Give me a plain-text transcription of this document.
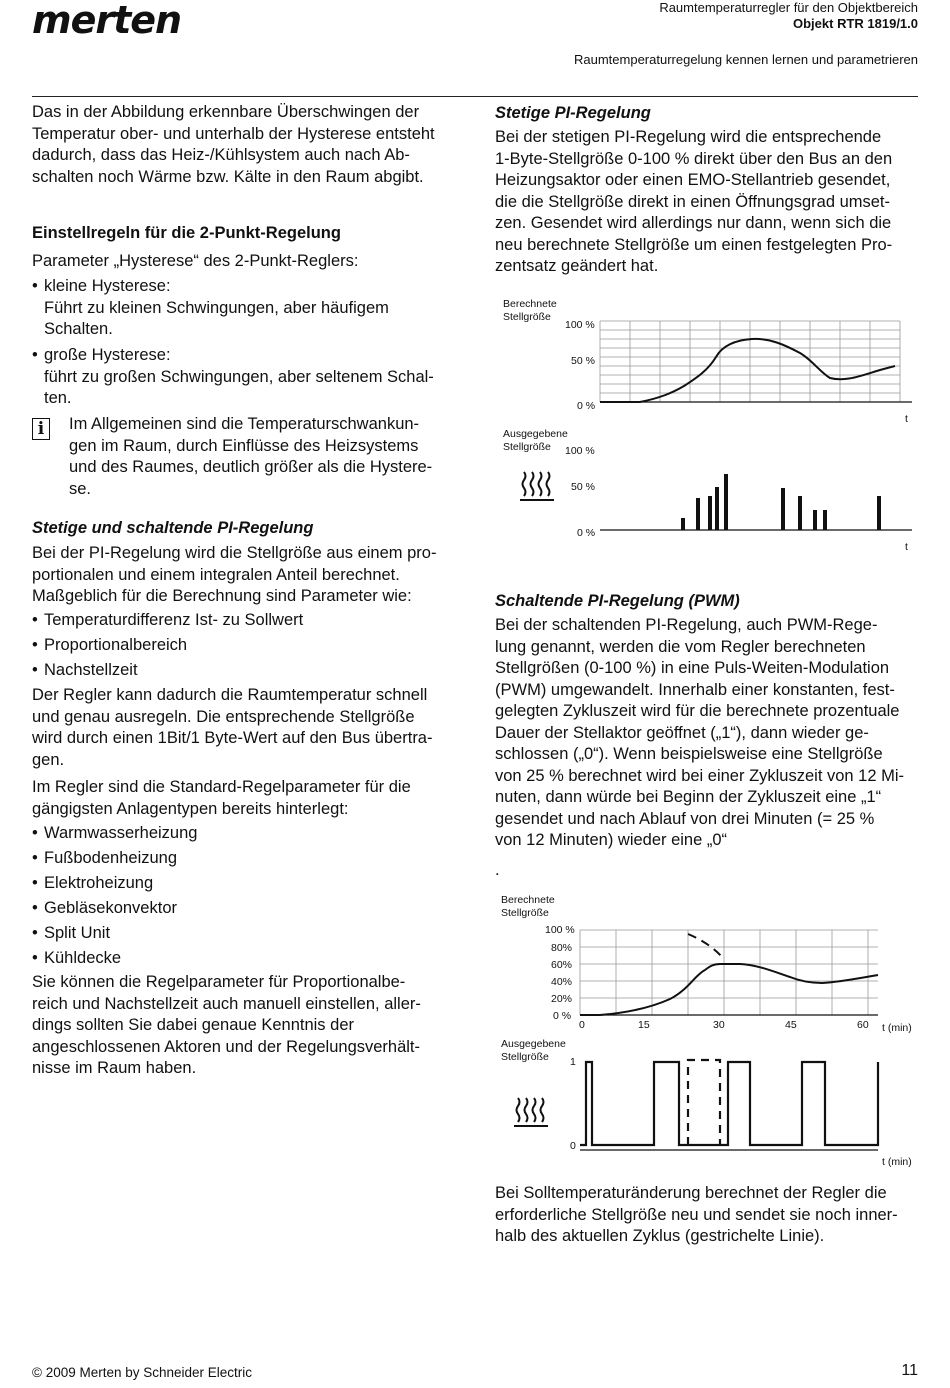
merten	Raumtemperaturregler für den Objektbereich
Objekt RTR 1819/1.0
Raumtemperaturregelung kennen lernen und parametrieren

Das in der Abbildung erkennbare Überschwingen der

Temperatur ober- und unterhalb der Hysterese entsteht

dadurch, dass das Heiz-/Kühlsystem auch nach Ab-

schalten noch Wärme bzw. Kälte in den Raum abgibt.

Einstellregeln für die 2-Punkt-Regelung
Parameter „Hysterese“ des 2-Punkt-Reglers:
• kleine Hysterese:

Führt zu kleinen Schwingungen, aber häufigem

Schalten.

• große Hysterese:

führt zu großen Schwingungen, aber seltenem Schal-

ten.

i	Im Allgemeinen sind die Temperaturschwankun-

gen im Raum, durch Einflüsse des Heizsystems

und des Raumes, deutlich größer als die Hystere-

se.

Stetige und schaltende PI-Regelung

Bei der PI-Regelung wird die Stellgröße aus einem pro-

portionalen und einem integralen Anteil berechnet.

Maßgeblich für die Berechnung sind Parameter wie:

• Temperaturdifferenz Ist- zu Sollwert

• Proportionalbereich

• Nachstellzeit

Der Regler kann dadurch die Raumtemperatur schnell

und genau ausregeln. Die entsprechende Stellgröße

wird durch einen 1Bit/1 Byte-Wert auf den Bus übertra-

gen.

Im Regler sind die Standard-Regelparameter für die

gängigsten Anlagentypen bereits hinterlegt:

• Warmwasserheizung

• Fußbodenheizung

• Elektroheizung

• Gebläsekonvektor

• Split Unit

• Kühldecke

Sie können die Regelparameter für Proportionalbe-

reich und Nachstellzeit auch manuell einstellen, aller-

dings sollten Sie dabei genaue Kenntnis der

angeschlossenen Aktoren und der Regelungsverhält-

nisse im Raum haben.

Stetige PI-Regelung

Bei der stetigen PI-Regelung wird die entsprechende

1-Byte-Stellgröße 0-100 % direkt über den Bus an den

Heizungsaktor oder einen EMO-Stellantrieb gesendet,

die die Stellgröße direkt in einen Öffnungsgrad umset-

zen. Gesendet wird allerdings nur dann, wenn sich die

neu berechnete Stellgröße um einen festgelegten Pro-

zentsatz geändert hat.

Berechnete
Stellgröße
100 %
50 %
0 %
t
Ausgegebene
Stellgröße 100 %
50 %
0 %
t
Schaltende PI-Regelung (PWM)

Bei der schaltenden PI-Regelung, auch PWM-Rege-

lung genannt, werden die vom Regler berechneten

Stellgrößen (0-100 %) in eine Puls-Weiten-Modulation

(PWM) umgewandelt. Innerhalb einer konstanten, fest-

gelegten Zykluszeit wird für die berechnete prozentuale

Dauer der Stellaktor geöffnet („1“), dann wieder ge-

schlossen („0“). Wenn beispielsweise eine Stellgröße

von 25 % berechnet wird bei einer Zykluszeit von 12 Mi-

nuten, dann würde bei Beginn der Zykluszeit eine „1“

gesendet und nach Ablauf von drei Minuten (= 25 %

von 12 Minuten) wieder eine „0“

.
Berechnete
Stellgröße
100 %
80%
60%
40%
20%
0 %
0	15	30	45	60 t (min)
Ausgegebene
Stellgröße 1
0
t (min)

Bei Solltemperaturänderung berechnet der Regler die

erforderliche Stellgröße neu und sendet sie noch inner-

halb des aktuellen Zyklus (gestrichelte Linie).

© 2009 Merten by Schneider Electric	11
